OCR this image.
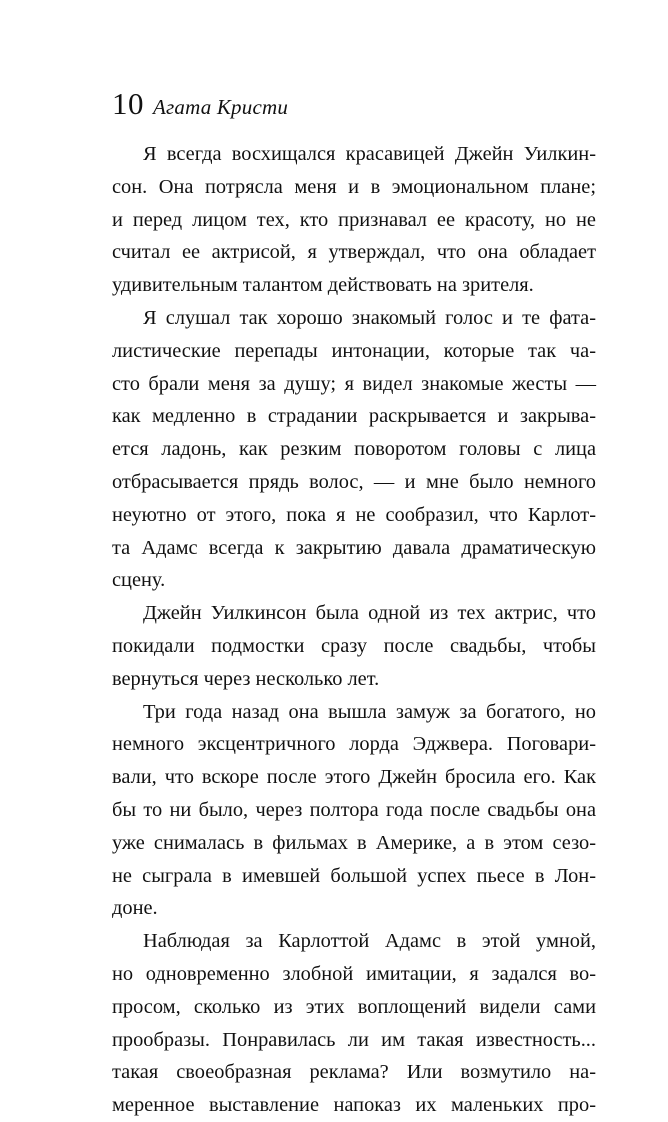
10 Агата Кристи

Я всегда восхищался красавицей Джейн Уилкин-
сон. Она потрясла меня и в эмоциональном плане;
и перед лицом тех, кто признавал ее красоту, но не
считал ее актрисой, я утверждал, что она обладает
удивительным талантом действовать на зрителя.

Я слушал так хорошо знакомый голос и те фата-
листические перепады интонации, которые так ча-
сто брали меня за душу; я видел знакомые жесты —
как медленно в страдании раскрывается и закрыва-
ется ладонь, как резким поворотом головы с лица
отбрасывается прядь волос, — и мне было немного
неуютно от этого, пока я не сообразил, что Карлот-
та Адамс всегда к закрытию давала драматическую
сцену.

Джейн Уилкинсон была одной из тех актрис, что
покидали подмостки сразу после свадьбы, чтобы
вернуться через несколько лет.

Три года назад она вышла замуж за богатого, но
немного эксцентричного лорда Эджвера. Поговари-
вали, что вскоре после этого Джейн бросила его. Как
бы то ни было, через полтора года после свадьбы она
уже снималась в фильмах в Америке, а в этом сезо-
не сыграла в имевшей большой успех пьесе в Лон-
доне.

Наблюдая за Карлоттой Адамс в этой умной,
но одновременно злобной имитации, я задался во-
просом, сколько из этих воплощений видели сами
прообразы. Понравилась ли им такая известность...
такая своеобразная реклама? Или возмутило на-
меренное выставление напоказ их маленьких про-
